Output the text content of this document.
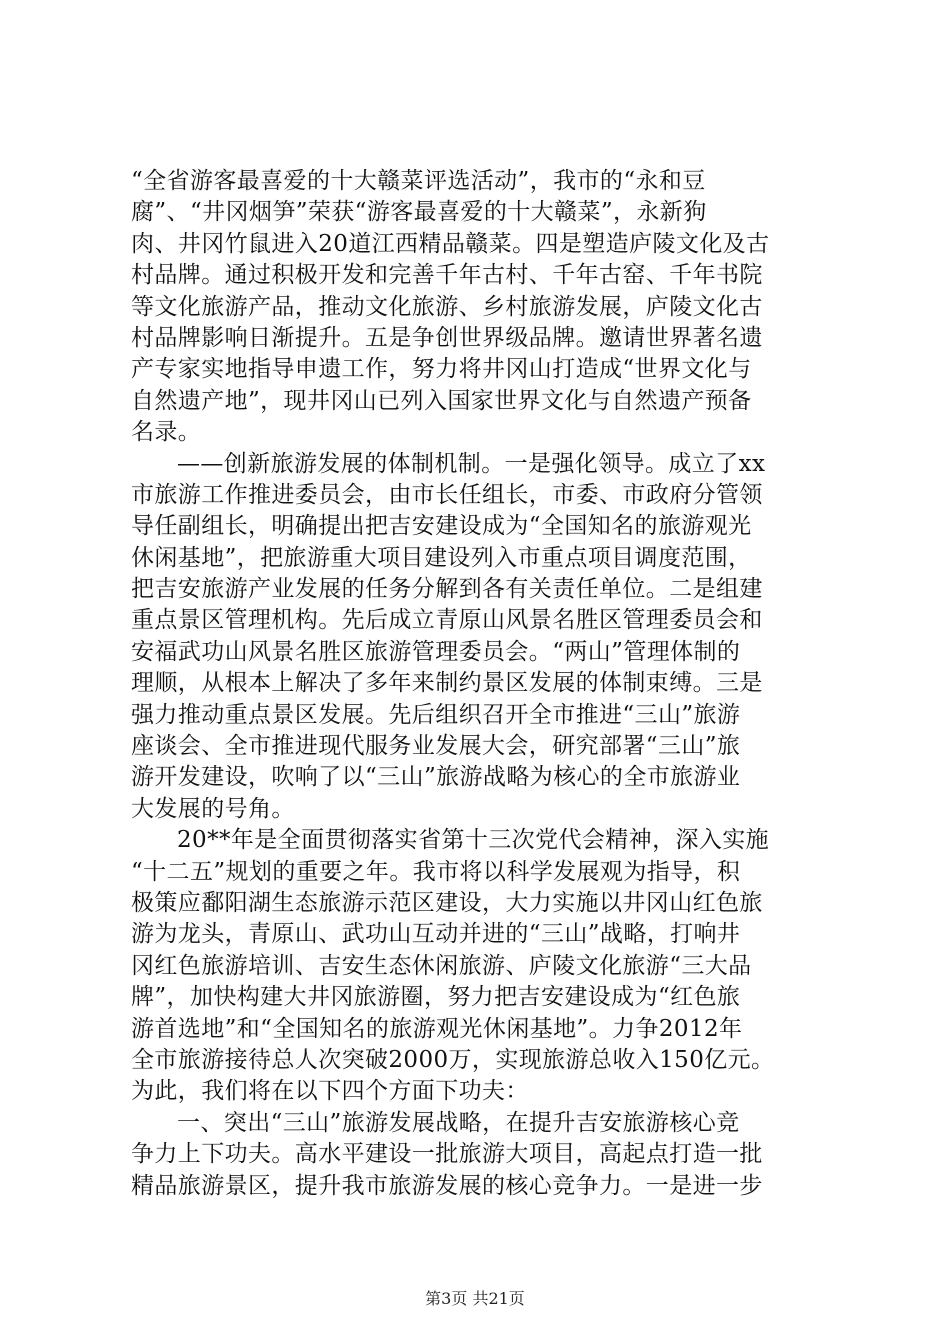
“全省游客最喜爱的十大赣菜评选活动”，我市的“永和豆
腐”、“井冈烟笋”荣获“游客最喜爱的十大赣菜”，永新狗
肉、井冈竹鼠进入20道江西精品赣菜。四是塑造庐陵文化及古
村品牌。通过积极开发和完善千年古村、千年古窑、千年书院
等文化旅游产品，推动文化旅游、乡村旅游发展，庐陵文化古
村品牌影响日渐提升。五是争创世界级品牌。邀请世界著名遗
产专家实地指导申遗工作，努力将井冈山打造成“世界文化与
自然遗产地”，现井冈山已列入国家世界文化与自然遗产预备
名录。
——创新旅游发展的体制机制。一是强化领导。成立了xx
市旅游工作推进委员会，由市长任组长，市委、市政府分管领
导任副组长，明确提出把吉安建设成为“全国知名的旅游观光
休闲基地”，把旅游重大项目建设列入市重点项目调度范围，
把吉安旅游产业发展的任务分解到各有关责任单位。二是组建
重点景区管理机构。先后成立青原山风景名胜区管理委员会和
安福武功山风景名胜区旅游管理委员会。“两山”管理体制的
理顺，从根本上解决了多年来制约景区发展的体制束缚。三是
强力推动重点景区发展。先后组织召开全市推进“三山”旅游
座谈会、全市推进现代服务业发展大会，研究部署“三山”旅
游开发建设，吹响了以“三山”旅游战略为核心的全市旅游业
大发展的号角。
20**年是全面贯彻落实省第十三次党代会精神，深入实施
“十二五”规划的重要之年。我市将以科学发展观为指导，积
极策应鄱阳湖生态旅游示范区建设，大力实施以井冈山红色旅
游为龙头，青原山、武功山互动并进的“三山”战略，打响井
冈红色旅游培训、吉安生态休闲旅游、庐陵文化旅游“三大品
牌”，加快构建大井冈旅游圈，努力把吉安建设成为“红色旅
游首选地”和“全国知名的旅游观光休闲基地”。力争2012年
全市旅游接待总人次突破2000万，实现旅游总收入150亿元。
为此，我们将在以下四个方面下功夫：
一、突出“三山”旅游发展战略，在提升吉安旅游核心竞
争力上下功夫。高水平建设一批旅游大项目，高起点打造一批
精品旅游景区，提升我市旅游发展的核心竞争力。一是进一步
第3页 共21页
